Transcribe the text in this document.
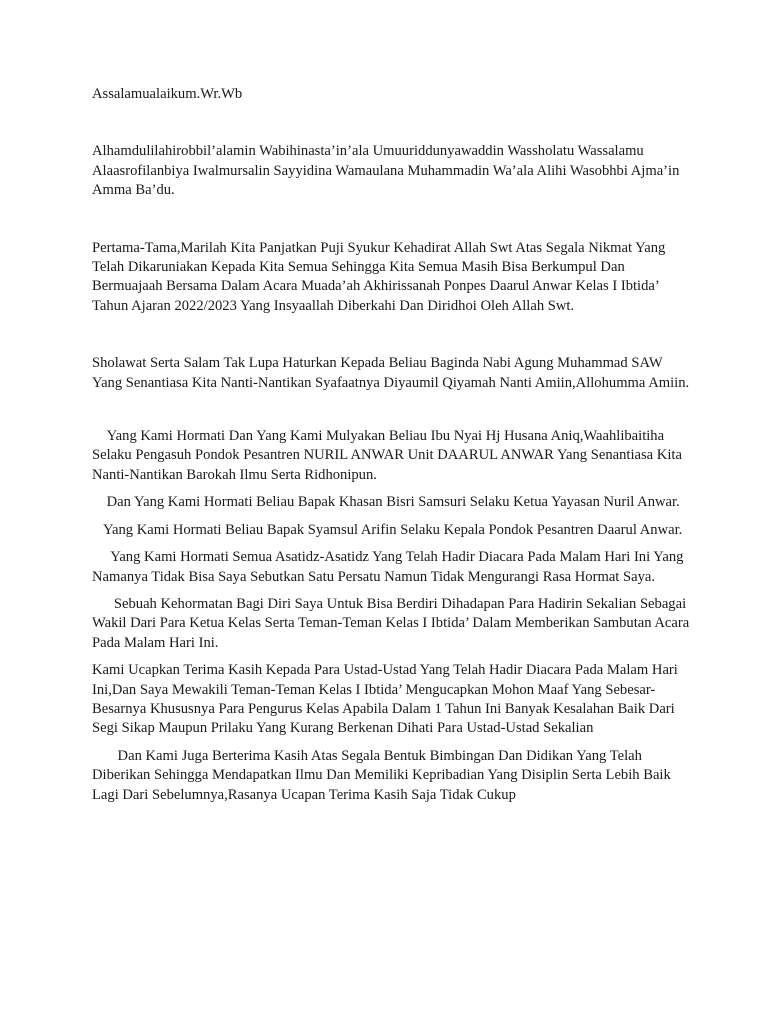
Assalamualaikum.Wr.Wb

Alhamdulilahirobbil’alamin Wabihinasta’in’ala Umuuriddunyawaddin Wassholatu Wassalamu Alaasrofilanbiya Iwalmursalin Sayyidina Wamaulana Muhammadin Wa’ala Alihi Wasobhbi Ajma’in Amma Ba’du.

Pertama-Tama,Marilah Kita Panjatkan Puji Syukur Kehadirat Allah Swt Atas Segala Nikmat Yang Telah Dikaruniakan Kepada Kita Semua Sehingga Kita Semua Masih Bisa Berkumpul Dan Bermuajaah Bersama Dalam Acara Muada’ah Akhirissanah Ponpes Daarul Anwar Kelas I Ibtida’ Tahun Ajaran 2022/2023 Yang Insyaallah Diberkahi Dan Diridhoi Oleh Allah Swt.

Sholawat Serta Salam Tak Lupa Haturkan Kepada Beliau Baginda Nabi Agung Muhammad SAW Yang Senantiasa Kita Nanti-Nantikan Syafaatnya Diyaumil Qiyamah Nanti Amiin,Allohumma Amiin.

Yang Kami Hormati Dan Yang Kami Mulyakan Beliau Ibu Nyai Hj Husana Aniq,Waahlibaitiha Selaku Pengasuh Pondok Pesantren NURIL ANWAR Unit DAARUL ANWAR Yang Senantiasa Kita Nanti-Nantikan Barokah Ilmu Serta Ridhonipun.

Dan Yang Kami Hormati Beliau Bapak Khasan Bisri Samsuri Selaku Ketua Yayasan Nuril Anwar.

Yang Kami Hormati Beliau Bapak Syamsul Arifin Selaku Kepala Pondok Pesantren Daarul Anwar.

Yang Kami Hormati Semua Asatidz-Asatidz Yang Telah Hadir Diacara Pada Malam Hari Ini Yang Namanya Tidak Bisa Saya Sebutkan Satu Persatu Namun Tidak Mengurangi Rasa Hormat Saya.

Sebuah Kehormatan Bagi Diri Saya Untuk Bisa Berdiri Dihadapan Para Hadirin Sekalian Sebagai Wakil Dari Para Ketua Kelas Serta Teman-Teman Kelas I Ibtida’ Dalam Memberikan Sambutan Acara Pada Malam Hari Ini.

Kami Ucapkan Terima Kasih Kepada Para Ustad-Ustad Yang Telah Hadir Diacara Pada Malam Hari Ini,Dan Saya Mewakili Teman-Teman Kelas I Ibtida’ Mengucapkan Mohon Maaf Yang Sebesar-Besarnya Khususnya Para Pengurus Kelas Apabila Dalam 1 Tahun Ini Banyak Kesalahan Baik Dari Segi Sikap Maupun Prilaku Yang Kurang Berkenan Dihati Para Ustad-Ustad Sekalian

Dan Kami Juga Berterima Kasih Atas Segala Bentuk Bimbingan Dan Didikan Yang Telah Diberikan Sehingga Mendapatkan Ilmu Dan Memiliki Kepribadian Yang Disiplin Serta Lebih Baik Lagi Dari Sebelumnya,Rasanya Ucapan Terima Kasih Saja Tidak Cukup
